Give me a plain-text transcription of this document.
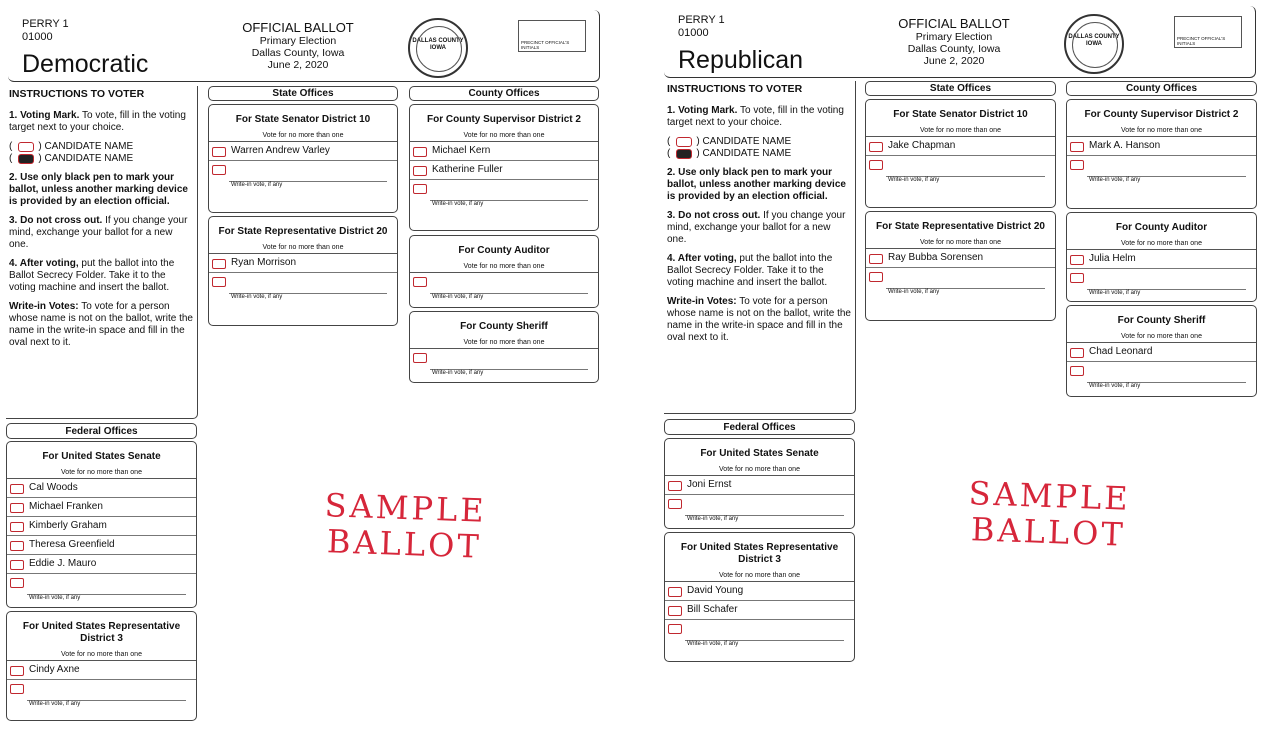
PERRY 1
01000
Democratic
OFFICIAL BALLOT
Primary Election
Dallas County, Iowa
June 2, 2020
DALLAS COUNTY IOWA
PRECINCT OFFICIAL'S INITIALS

INSTRUCTIONS TO VOTER

1. Voting Mark. To vote, fill in the voting target next to your choice.

(	) CANDIDATE NAME
(	) CANDIDATE NAME

2. Use only black pen to mark your ballot, unless another marking device is provided by an election official.

3. Do not cross out. If you change your mind, exchange your ballot for a new one.

4. After voting, put the ballot into the Ballot Secrecy Folder. Take it to the voting machine and insert the ballot.

Write-in Votes: To vote for a person whose name is not on the ballot, write the name in the write-in space and fill in the oval next to it.

State Offices
For State Senator District 10
Vote for no more than one
Warren Andrew Varley
Write-in vote, if any
For State Representative District 20
Vote for no more than one
Ryan Morrison
Write-in vote, if any
County Offices
For County Supervisor District 2
Vote for no more than one
Michael Kern
Katherine Fuller
Write-in vote, if any
For County Auditor
Vote for no more than one
Write-in vote, if any
For County Sheriff
Vote for no more than one
Write-in vote, if any
Federal Offices
For United States Senate
Vote for no more than one
Cal Woods
Michael Franken
Kimberly Graham
Theresa Greenfield
Eddie J. Mauro
Write-in vote, if any
For United States Representative District 3
Vote for no more than one
Cindy Axne
Write-in vote, if any
SAMPLE
BALLOT
PERRY 1
01000
Republican
OFFICIAL BALLOT
Primary Election
Dallas County, Iowa
June 2, 2020
DALLAS COUNTY IOWA
PRECINCT OFFICIAL'S INITIALS

INSTRUCTIONS TO VOTER

1. Voting Mark. To vote, fill in the voting target next to your choice.

(	) CANDIDATE NAME
(	) CANDIDATE NAME

2. Use only black pen to mark your ballot, unless another marking device is provided by an election official.

3. Do not cross out. If you change your mind, exchange your ballot for a new one.

4. After voting, put the ballot into the Ballot Secrecy Folder. Take it to the voting machine and insert the ballot.

Write-in Votes: To vote for a person whose name is not on the ballot, write the name in the write-in space and fill in the oval next to it.

State Offices
For State Senator District 10
Vote for no more than one
Jake Chapman
Write-in vote, if any
For State Representative District 20
Vote for no more than one
Ray Bubba Sorensen
Write-in vote, if any
County Offices
For County Supervisor District 2
Vote for no more than one
Mark A. Hanson
Write-in vote, if any
For County Auditor
Vote for no more than one
Julia Helm
Write-in vote, if any
For County Sheriff
Vote for no more than one
Chad Leonard
Write-in vote, if any
Federal Offices
For United States Senate
Vote for no more than one
Joni Ernst
Write-in vote, if any
For United States Representative District 3
Vote for no more than one
David Young
Bill Schafer
Write-in vote, if any
SAMPLE
BALLOT
